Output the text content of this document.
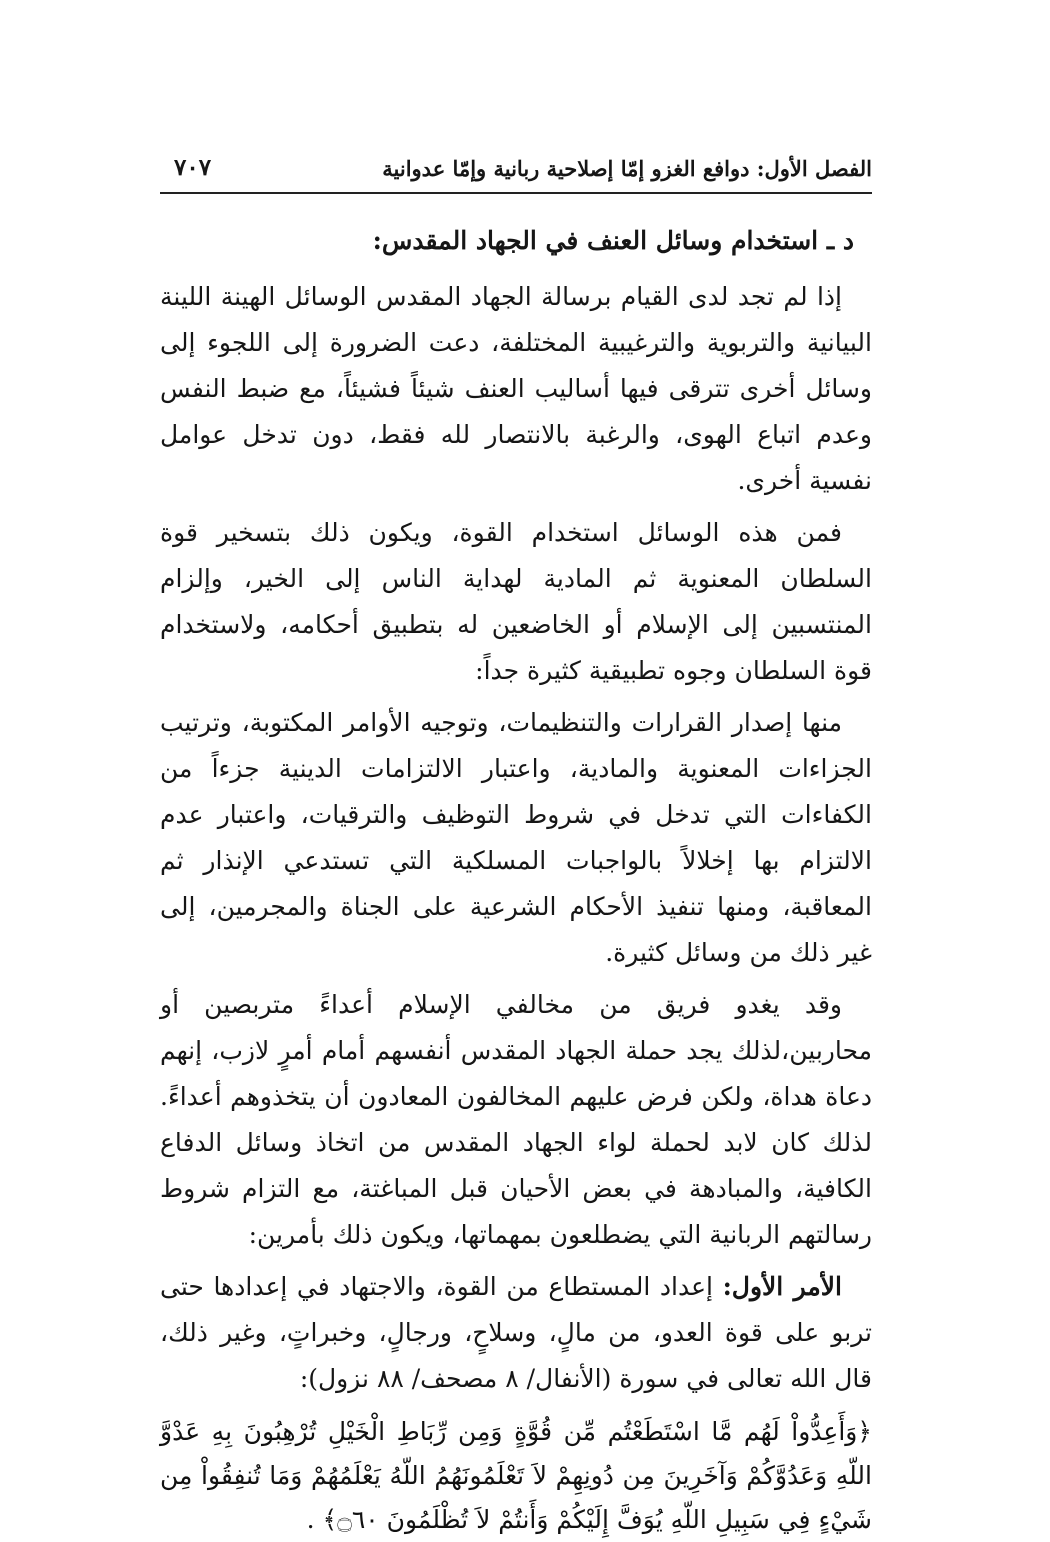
الفصل الأول: دوافع الغزو إمّا إصلاحية ربانية وإمّا عدوانية
٧٠٧
د ـ استخدام وسائل العنف في الجهاد المقدس:

إذا لم تجد لدى القيام برسالة الجهاد المقدس الوسائل الهينة اللينة البيانية والتربوية والترغيبية المختلفة، دعت الضرورة إلى اللجوء إلى وسائل أخرى تترقى فيها أساليب العنف شيئاً فشيئاً، مع ضبط النفس وعدم اتباع الهوى، والرغبة بالانتصار لله فقط، دون تدخل عوامل نفسية أخرى.

فمن هذه الوسائل استخدام القوة، ويكون ذلك بتسخير قوة السلطان المعنوية ثم المادية لهداية الناس إلى الخير، وإلزام المنتسبين إلى الإسلام أو الخاضعين له بتطبيق أحكامه، ولاستخدام قوة السلطان وجوه تطبيقية كثيرة جداً:

منها إصدار القرارات والتنظيمات، وتوجيه الأوامر المكتوبة، وترتيب الجزاءات المعنوية والمادية، واعتبار الالتزامات الدينية جزءاً من الكفاءات التي تدخل في شروط التوظيف والترقيات، واعتبار عدم الالتزام بها إخلالاً بالواجبات المسلكية التي تستدعي الإنذار ثم المعاقبة، ومنها تنفيذ الأحكام الشرعية على الجناة والمجرمين، إلى غير ذلك من وسائل كثيرة.

وقد يغدو فريق من مخالفي الإسلام أعداءً متربصين أو محاربين،لذلك يجد حملة الجهاد المقدس أنفسهم أمام أمرٍ لازب، إنهم دعاة هداة، ولكن فرض عليهم المخالفون المعادون أن يتخذوهم أعداءً. لذلك كان لابد لحملة لواء الجهاد المقدس من اتخاذ وسائل الدفاع الكافية، والمبادهة في بعض الأحيان قبل المباغتة، مع التزام شروط رسالتهم الربانية التي يضطلعون بمهماتها، ويكون ذلك بأمرين:

الأمر الأول: إعداد المستطاع من القوة، والاجتهاد في إعدادها حتى تربو على قوة العدو، من مالٍ، وسلاحٍ، ورجالٍ، وخبراتٍ، وغير ذلك، قال الله تعالى في سورة (الأنفال/ ٨ مصحف/ ٨٨ نزول):

﴿وَأَعِدُّواْ لَهُم مَّا اسْتَطَعْتُم مِّن قُوَّةٍ وَمِن رِّبَاطِ الْخَيْلِ تُرْهِبُونَ بِهِ عَدْوَّ اللّهِ وَعَدُوَّكُمْ وَآخَرِينَ مِن دُونِهِمْ لاَ تَعْلَمُونَهُمُ اللّهُ يَعْلَمُهُمْ وَمَا تُنفِقُواْ مِن شَيْءٍ فِي سَبِيلِ اللّهِ يُوَفَّ إِلَيْكُمْ وَأَنتُمْ لاَ تُظْلَمُونَ ۝٦٠﴾ .
